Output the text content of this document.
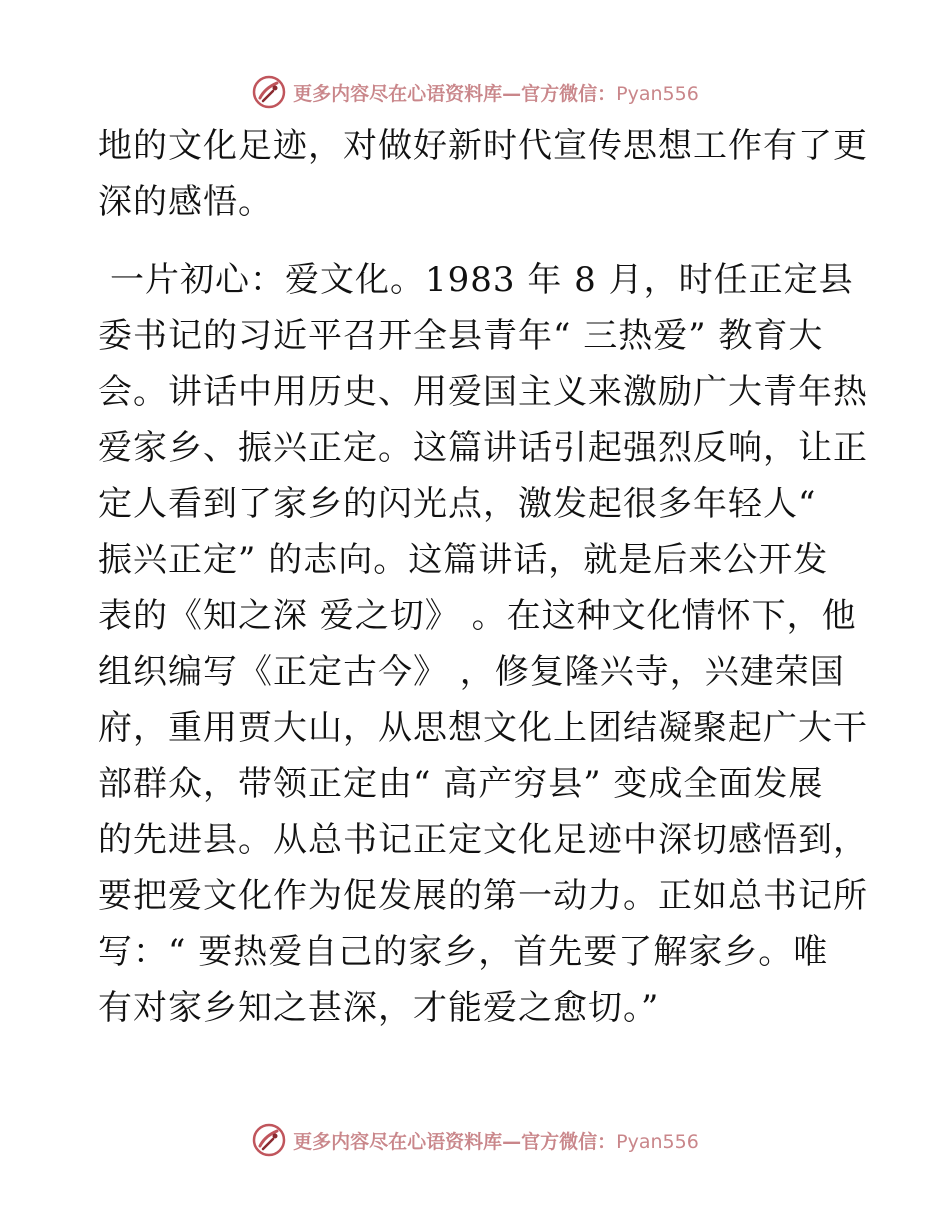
更多内容尽在心语资料库—官方微信：Pyan556

地的文化足迹，对做好新时代宣传思想工作有了更

深的感悟。

一片初心：爱文化。1983 年 8 月，时任正定县

委书记的习近平召开全县青年“ 三热爱” 教育大

会。讲话中用历史、用爱国主义来激励广大青年热

爱家乡、振兴正定。这篇讲话引起强烈反响，让正

定人看到了家乡的闪光点，激发起很多年轻人“

振兴正定” 的志向。这篇讲话，就是后来公开发

表的《知之深 爱之切》 。在这种文化情怀下，他

组织编写《正定古今》 ，修复隆兴寺，兴建荣国

府，重用贾大山，从思想文化上团结凝聚起广大干

部群众，带领正定由“ 高产穷县” 变成全面发展

的先进县。从总书记正定文化足迹中深切感悟到，

要把爱文化作为促发展的第一动力。正如总书记所

写：“ 要热爱自己的家乡，首先要了解家乡。唯

有对家乡知之甚深，才能爱之愈切。”

更多内容尽在心语资料库—官方微信：Pyan556
